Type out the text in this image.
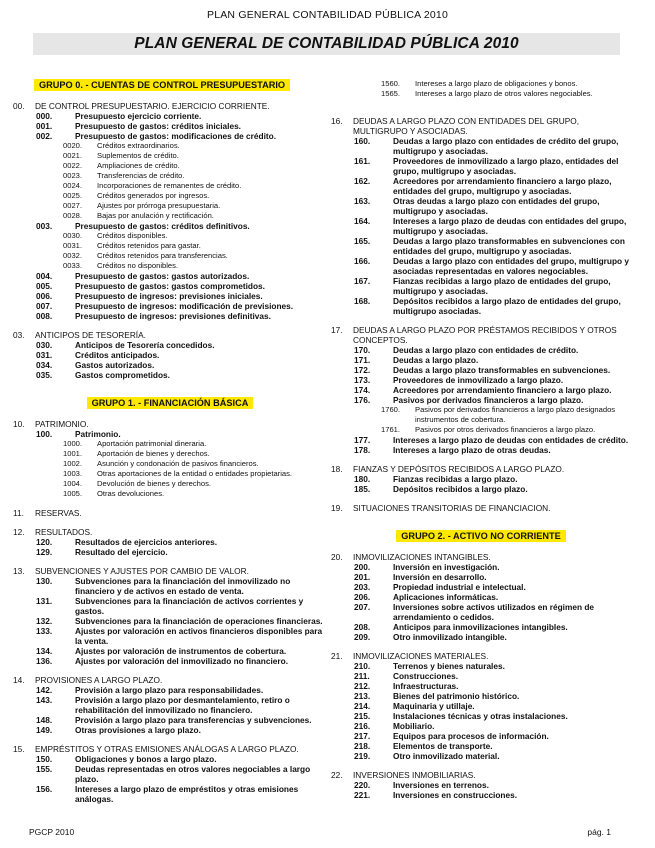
PLAN GENERAL CONTABILIDAD PÚBLICA 2010
PLAN GENERAL DE CONTABILIDAD PÚBLICA 2010
GRUPO 0. - CUENTAS DE CONTROL PRESUPUESTARIO
00. DE CONTROL PRESUPUESTARIO. EJERCICIO CORRIENTE.
000.	Presupuesto ejercicio corriente.
001.	Presupuesto de gastos: créditos iniciales.
002.	Presupuesto de gastos: modificaciones de crédito.
0020. Créditos extraordinarios.
0021. Suplementos de crédito.
0022. Ampliaciones de crédito.
0023. Transferencias de crédito.
0024. Incorporaciones de remanentes de crédito.
0025. Créditos generados por ingresos.
0027. Ajustes por prórroga presupuestaria.
0028. Bajas por anulación y rectificación.
003.	Presupuesto de gastos: créditos definitivos.
0030. Créditos disponibles.
0031. Créditos retenidos para gastar.
0032. Créditos retenidos para transferencias.
0033. Créditos no disponibles.
004.	Presupuesto de gastos: gastos autorizados.
005.	Presupuesto de gastos: gastos comprometidos.
006.	Presupuesto de ingresos: previsiones iniciales.
007.	Presupuesto de ingresos: modificación de previsiones.
008.	Presupuesto de ingresos: previsiones definitivas.
03. ANTICIPOS DE TESORERÍA.
030.	Anticipos de Tesorería concedidos.
031.	Créditos anticipados.
034.	Gastos autorizados.
035.	Gastos comprometidos.
GRUPO 1. - FINANCIACIÓN BÁSICA
10. PATRIMONIO.
100.	Patrimonio.
1000. Aportación patrimonial dineraria.
1001. Aportación de bienes y derechos.
1002. Asunción y condonación de pasivos financieros.
1003. Otras aportaciones de la entidad o entidades propietarias.
1004. Devolución de bienes y derechos.
1005. Otras devoluciones.
11. RESERVAS.
12. RESULTADOS.
120.	Resultados de ejercicios anteriores.
129.	Resultado del ejercicio.
13. SUBVENCIONES Y AJUSTES POR CAMBIO DE VALOR.
130.	Subvenciones para la financiación del inmovilizado no financiero y de activos en estado de venta.
131.	Subvenciones para la financiación de activos corrientes y gastos.
132.	Subvenciones para la financiación de operaciones financieras.
133.	Ajustes por valoración en activos financieros disponibles para la venta.
134.	Ajustes por valoración de instrumentos de cobertura.
136.	Ajustes por valoración del inmovilizado no financiero.
14. PROVISIONES A LARGO PLAZO.
142.	Provisión a largo plazo para responsabilidades.
143.	Provisión a largo plazo por desmantelamiento, retiro o rehabilitación del inmovilizado no financiero.
148.	Provisión a largo plazo para transferencias y subvenciones.
149.	Otras provisiones a largo plazo.
15. EMPRÉSTITOS Y OTRAS EMISIONES ANÁLOGAS A LARGO PLAZO.
150.	Obligaciones y bonos a largo plazo.
155.	Deudas representadas en otros valores negociables a largo plazo.
156.	Intereses a largo plazo de empréstitos y otras emisiones análogas.
1560. Intereses a largo plazo de obligaciones y bonos.
1565. Intereses a largo plazo de otros valores negociables.
16. DEUDAS A LARGO PLAZO CON ENTIDADES DEL GRUPO, MULTIGRUPO Y ASOCIADAS.
160.	Deudas a largo plazo con entidades de crédito del grupo, multigrupo y asociadas.
161.	Proveedores de inmovilizado a largo plazo, entidades del grupo, multigrupo y asociadas.
162.	Acreedores por arrendamiento financiero a largo plazo, entidades del grupo, multigrupo y asociadas.
163.	Otras deudas a largo plazo con entidades del grupo, multigrupo y asociadas.
164.	Intereses a largo plazo de deudas con entidades del grupo, multigrupo y asociadas.
165.	Deudas a largo plazo transformables en subvenciones con entidades del grupo, multigrupo y asociadas.
166.	Deudas a largo plazo con entidades del grupo, multigrupo y asociadas representadas en valores negociables.
167.	Fianzas recibidas a largo plazo de entidades del grupo, multigrupo y asociadas.
168.	Depósitos recibidos a largo plazo de entidades del grupo, multigrupo asociadas.
17. DEUDAS A LARGO PLAZO POR PRÉSTAMOS RECIBIDOS Y OTROS CONCEPTOS.
170.	Deudas a largo plazo con entidades de crédito.
171.	Deudas a largo plazo.
172.	Deudas a largo plazo transformables en subvenciones.
173.	Proveedores de inmovilizado a largo plazo.
174.	Acreedores por arrendamiento financiero a largo plazo.
176.	Pasivos por derivados financieros a largo plazo.
1760. Pasivos por derivados financieros a largo plazo designados instrumentos de cobertura.
1761. Pasivos por otros derivados financieros a largo plazo.
177.	Intereses a largo plazo de deudas con entidades de crédito.
178.	Intereses a largo plazo de otras deudas.
18. FIANZAS Y DEPÓSITOS RECIBIDOS A LARGO PLAZO.
180.	Fianzas recibidas a largo plazo.
185.	Depósitos recibidos a largo plazo.
19. SITUACIONES TRANSITORIAS DE FINANCIACION.
GRUPO 2. - ACTIVO NO CORRIENTE
20. INMOVILIZACIONES INTANGIBLES.
200.	Inversión en investigación.
201.	Inversión en desarrollo.
203.	Propiedad industrial e intelectual.
206.	Aplicaciones informáticas.
207.	Inversiones sobre activos utilizados en régimen de arrendamiento o cedidos.
208.	Anticipos para inmovilizaciones intangibles.
209.	Otro inmovilizado intangible.
21. INMOVILIZACIONES MATERIALES.
210.	Terrenos y bienes naturales.
211.	Construcciones.
212.	Infraestructuras.
213.	Bienes del patrimonio histórico.
214.	Maquinaria y utillaje.
215.	Instalaciones técnicas y otras instalaciones.
216.	Mobiliario.
217.	Equipos para procesos de información.
218.	Elementos de transporte.
219.	Otro inmovilizado material.
22. INVERSIONES INMOBILIARIAS.
220.	Inversiones en terrenos.
221.	Inversiones en construcciones.
PGCP 2010	pág. 1
